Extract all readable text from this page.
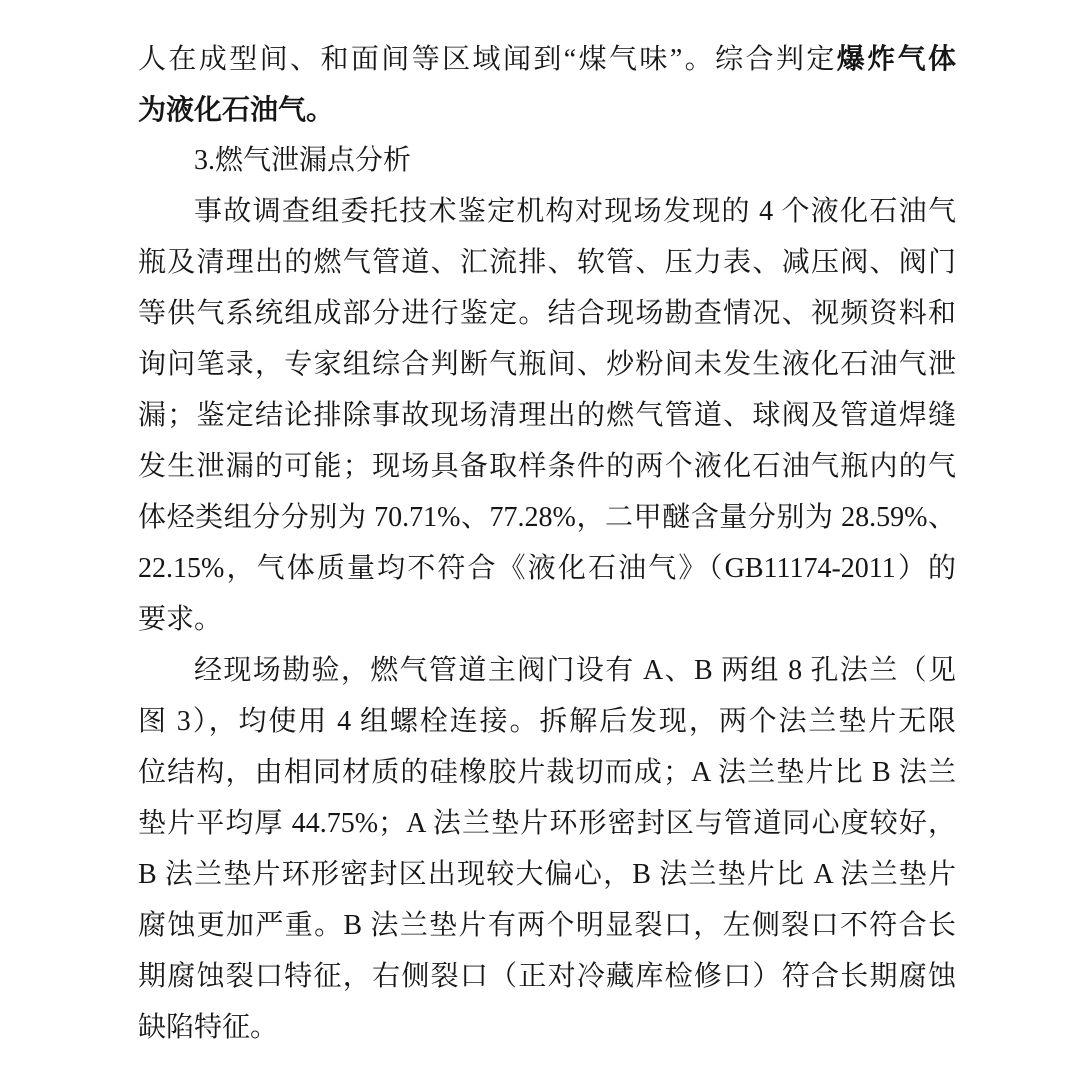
人在成型间、和面间等区域闻到“煤气味”。综合判定爆炸气体
为液化石油气。
3.燃气泄漏点分析
事故调查组委托技术鉴定机构对现场发现的 4 个液化石油气
瓶及清理出的燃气管道、汇流排、软管、压力表、减压阀、阀门
等供气系统组成部分进行鉴定。结合现场勘查情况、视频资料和
询问笔录，专家组综合判断气瓶间、炒粉间未发生液化石油气泄
漏；鉴定结论排除事故现场清理出的燃气管道、球阀及管道焊缝
发生泄漏的可能；现场具备取样条件的两个液化石油气瓶内的气
体烃类组分分别为 70.71%、77.28%，二甲醚含量分别为 28.59%、
22.15%，气体质量均不符合《液化石油气》（GB11174-2011）的
要求。
经现场勘验，燃气管道主阀门设有 A、B 两组 8 孔法兰（见
图 3），均使用 4 组螺栓连接。拆解后发现，两个法兰垫片无限
位结构，由相同材质的硅橡胶片裁切而成；A 法兰垫片比 B 法兰
垫片平均厚 44.75%；A 法兰垫片环形密封区与管道同心度较好，
B 法兰垫片环形密封区出现较大偏心，B 法兰垫片比 A 法兰垫片
腐蚀更加严重。B 法兰垫片有两个明显裂口，左侧裂口不符合长
期腐蚀裂口特征，右侧裂口（正对冷藏库检修口）符合长期腐蚀
缺陷特征。
